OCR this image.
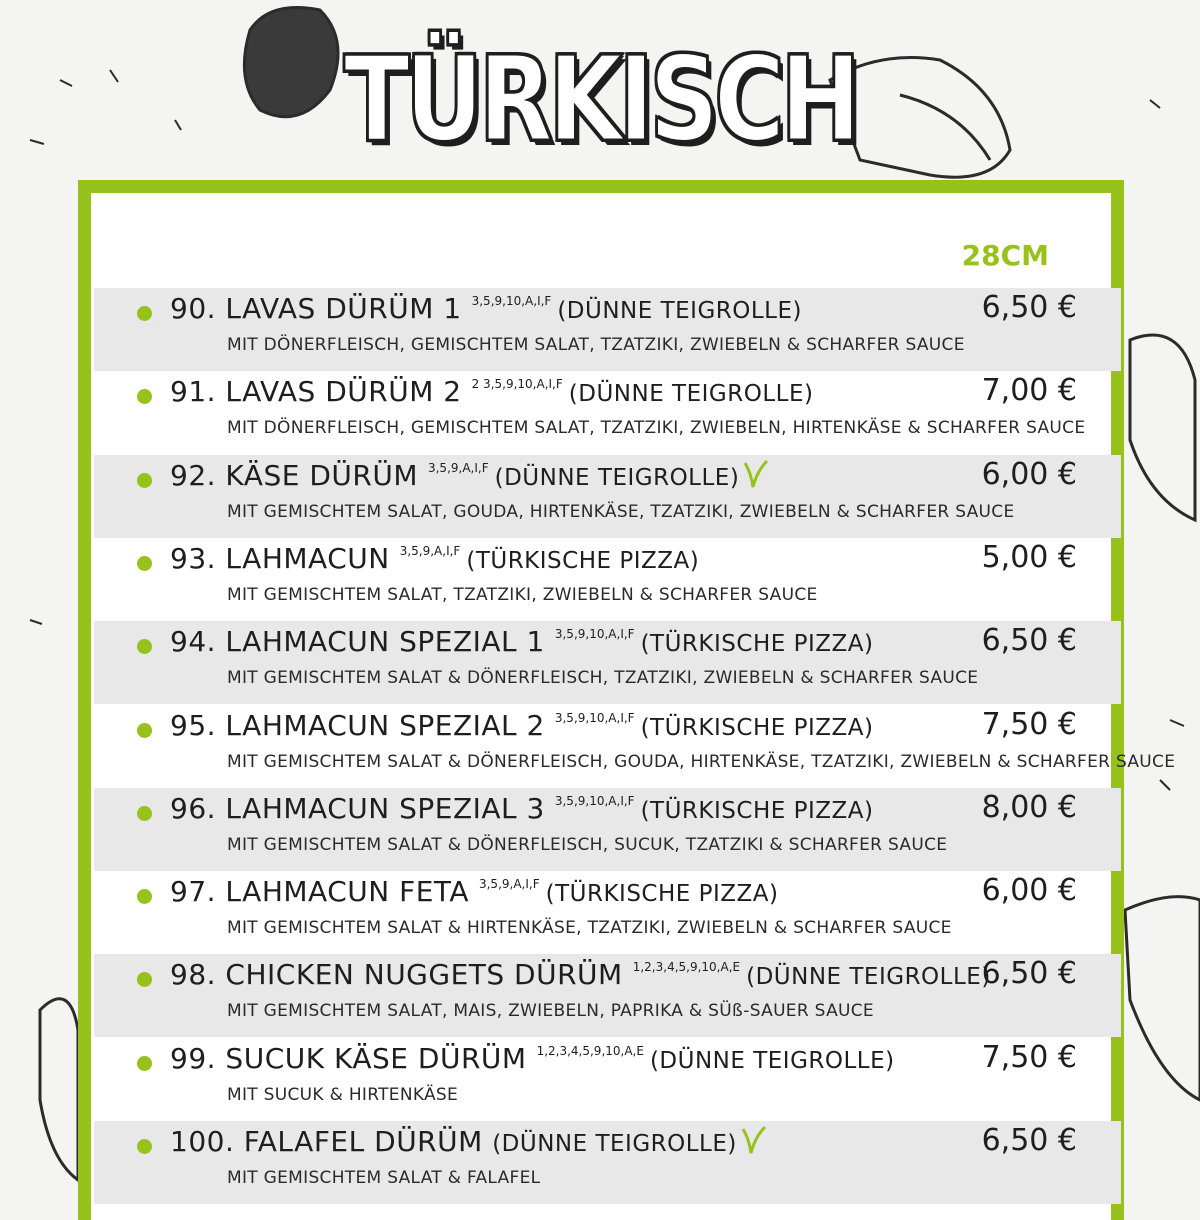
TÜRKISCH
28CM
90. LAVAS DÜRÜM 1 $^{3,5,9,10,A,I,F}$ (DÜNNE TEIGROLLE)
MIT DÖNERFLEISCH, GEMISCHTEM SALAT, TZATZIKI, ZWIEBELN & SCHARFER SAUCE
6,50 €
91. LAVAS DÜRÜM 2 $^{2 3,5,9,10,A,I,F}$ (DÜNNE TEIGROLLE)
MIT DÖNERFLEISCH, GEMISCHTEM SALAT, TZATZIKI, ZWIEBELN, HIRTENKÄSE & SCHARFER SAUCE
7,00 €
92. KÄSE DÜRÜM $^{3,5,9,A,I,F}$ (DÜNNE TEIGROLLE)
MIT GEMISCHTEM SALAT, GOUDA, HIRTENKÄSE, TZATZIKI, ZWIEBELN & SCHARFER SAUCE
6,00 €
93. LAHMACUN $^{3,5,9,A,I,F}$ (TÜRKISCHE PIZZA)
MIT GEMISCHTEM SALAT, TZATZIKI, ZWIEBELN & SCHARFER SAUCE
5,00 €
94. LAHMACUN SPEZIAL 1 $^{3,5,9,10,A,I,F}$ (TÜRKISCHE PIZZA)
MIT GEMISCHTEM SALAT & DÖNERFLEISCH, TZATZIKI, ZWIEBELN & SCHARFER SAUCE
6,50 €
95. LAHMACUN SPEZIAL 2 $^{3,5,9,10,A,I,F}$ (TÜRKISCHE PIZZA)
MIT GEMISCHTEM SALAT & DÖNERFLEISCH, GOUDA, HIRTENKÄSE, TZATZIKI, ZWIEBELN & SCHARFER SAUCE
7,50 €
96. LAHMACUN SPEZIAL 3 $^{3,5,9,10,A,I,F}$ (TÜRKISCHE PIZZA)
MIT GEMISCHTEM SALAT & DÖNERFLEISCH, SUCUK, TZATZIKI & SCHARFER SAUCE
8,00 €
97. LAHMACUN FETA $^{3,5,9,A,I,F}$ (TÜRKISCHE PIZZA)
MIT GEMISCHTEM SALAT & HIRTENKÄSE, TZATZIKI, ZWIEBELN & SCHARFER SAUCE
6,00 €
98. CHICKEN NUGGETS DÜRÜM $^{1,2,3,4,5,9,10,A,E}$ (DÜNNE TEIGROLLE)
MIT GEMISCHTEM SALAT, MAIS, ZWIEBELN, PAPRIKA & SÜß-SAUER SAUCE
6,50 €
99. SUCUK KÄSE DÜRÜM $^{1,2,3,4,5,9,10,A,E}$ (DÜNNE TEIGROLLE)
MIT SUCUK & HIRTENKÄSE
7,50 €
100. FALAFEL DÜRÜM (DÜNNE TEIGROLLE)
MIT GEMISCHTEM SALAT & FALAFEL
6,50 €
